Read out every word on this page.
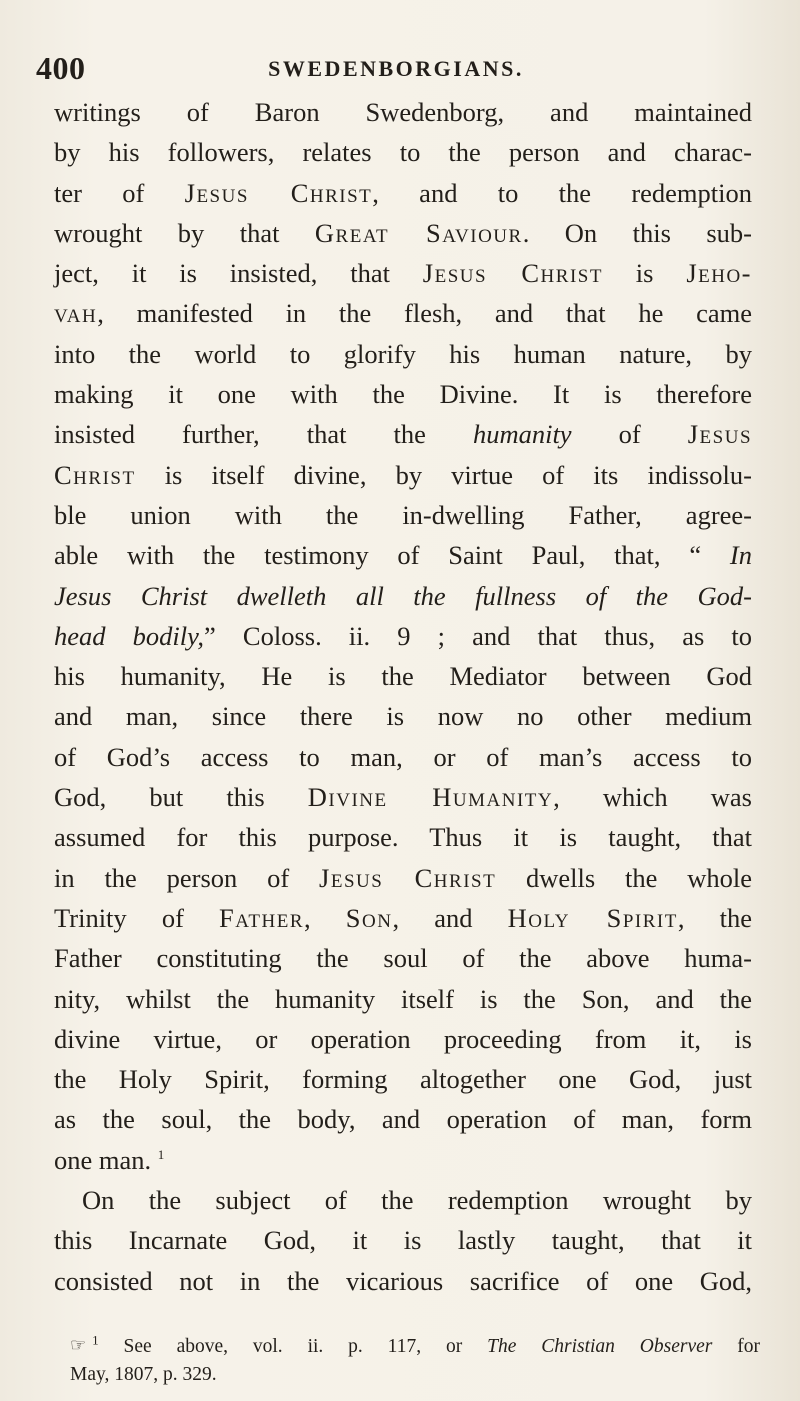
400	SWEDENBORGIANS.
writings of Baron Swedenborg, and maintained
by his followers, relates to the person and charac-
ter of Jesus Christ, and to the redemption
wrought by that Great Saviour. On this sub-
ject, it is insisted, that Jesus Christ is Jeho-
vah, manifested in the flesh, and that he came
into the world to glorify his human nature, by
making it one with the Divine. It is therefore
insisted further, that the humanity of Jesus
Christ is itself divine, by virtue of its indissolu-
ble union with the in-dwelling Father, agree-
able with the testimony of Saint Paul, that, “ In
Jesus Christ dwelleth all the fullness of the God-
head bodily,” Coloss. ii. 9 ; and that thus, as to
his humanity, He is the Mediator between God
and man, since there is now no other medium
of God’s access to man, or of man’s access to
God, but this Divine Humanity, which was
assumed for this purpose. Thus it is taught, that
in the person of Jesus Christ dwells the whole
Trinity of Father, Son, and Holy Spirit, the
Father constituting the soul of the above huma-
nity, whilst the humanity itself is the Son, and the
divine virtue, or operation proceeding from it, is
the Holy Spirit, forming altogether one God, just
as the soul, the body, and operation of man, form
one man. $^1$
On the subject of the redemption wrought by
this Incarnate God, it is lastly taught, that it
consisted not in the vicarious sacrifice of one God,
☞ $^1$ See above, vol. ii. p. 117, or The Christian Observer for
May, 1807, p. 329.
